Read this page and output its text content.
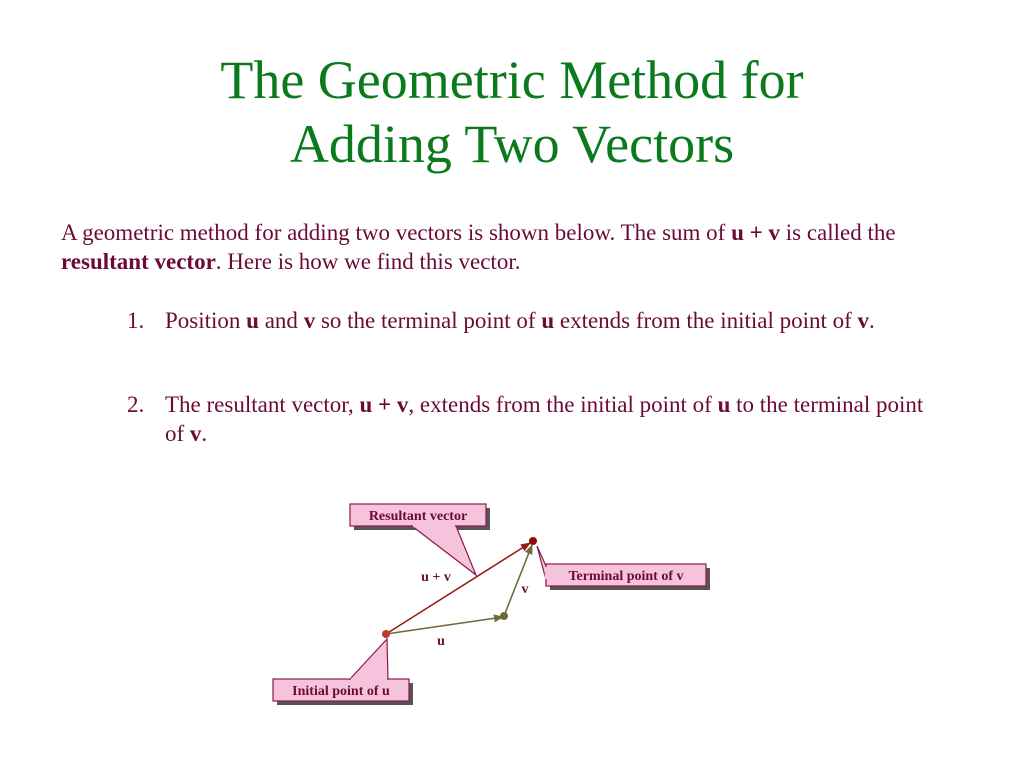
The Geometric Method for
Adding Two Vectors
A geometric method for adding two vectors is shown below. The sum of u + v is called the resultant vector. Here is how we find this vector.
1. Position u and v so the terminal point of u extends from the initial point of v.
2. The resultant vector, u + v, extends from the initial point of u to the terminal point of v.
Resultant vector
Terminal point of v
Initial point of u
u + v
u
v
